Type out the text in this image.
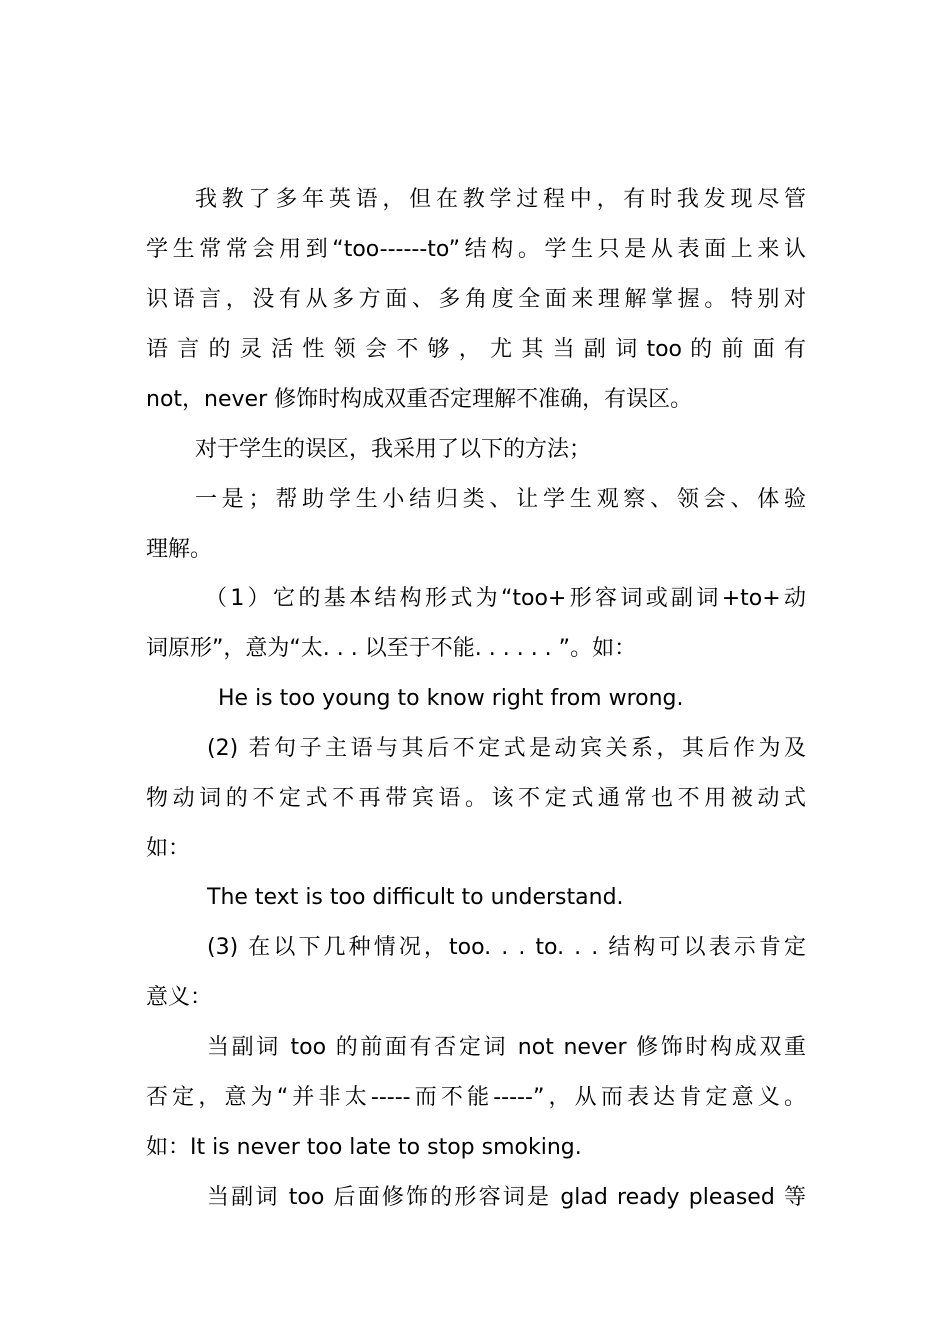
我教了多年英语，但在教学过程中，有时我发现尽管
学生常常会用到“too------to”结构。学生只是从表面上来认
识语言，没有从多方面、多角度全面来理解掌握。特别对
语 言 的 灵 活 性 领 会 不 够 ， 尤 其 当 副 词 too 的 前 面 有
not，never 修饰时构成双重否定理解不准确，有误区。
对于学生的误区，我采用了以下的方法；
一是；帮助学生小结归类、让学生观察、领会、体验
理解。
（1）它的基本结构形式为“too+形容词或副词+to+动
词原形”，意为“太. . . 以至于不能. . . . . . ”。如：
He is too young to know right from wrong.
(2) 若句子主语与其后不定式是动宾关系，其后作为及
物动词的不定式不再带宾语。该不定式通常也不用被动式
如：
The text is too difficult to understand.
(3) 在以下几种情况，too. . . to. . . 结构可以表示肯定
意义：
当副词 too 的前面有否定词 not never 修饰时构成双重
否定，意为“并非太-----而不能-----”，从而表达肯定意义。
如：It is never too late to stop smoking.
当副词 too 后面修饰的形容词是 glad ready pleased 等
